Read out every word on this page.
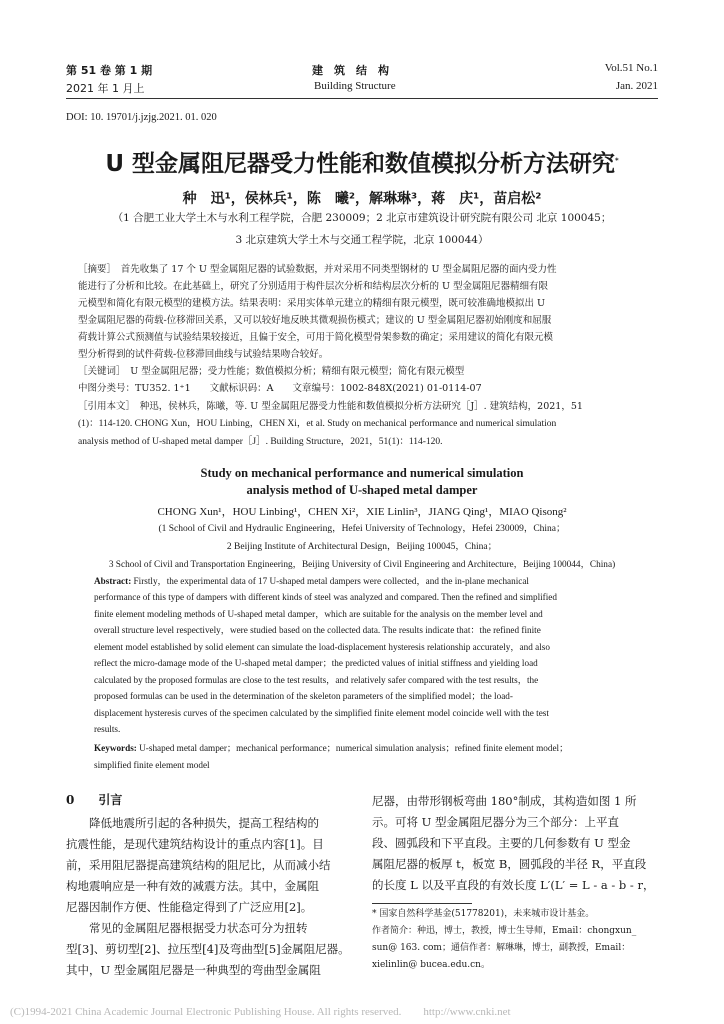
第 51 卷 第 1 期
2021 年 1 月上
建　筑　结　构
Building Structure
Vol.51 No.1
Jan. 2021
DOI: 10. 19701/j.jzjg.2021. 01. 020
U 型金属阻尼器受力性能和数值模拟分析方法研究*
种　迅¹，侯林兵¹，陈　曦²，解琳琳³，蒋　庆¹，苗启松²
（1 合肥工业大学土木与水利工程学院，合肥 230009；2 北京市建筑设计研究院有限公司 北京 100045；
3 北京建筑大学土木与交通工程学院，北京 100044）
［摘要］　首先收集了 17 个 U 型金属阻尼器的试验数据，并对采用不同类型钢材的 U 型金属阻尼器的面内受力性
能进行了分析和比较。在此基础上，研究了分别适用于构件层次分析和结构层次分析的 U 型金属阻尼器精细有限
元模型和简化有限元模型的建模方法。结果表明：采用实体单元建立的精细有限元模型，既可较准确地模拟出 U
型金属阻尼器的荷载-位移滞回关系，又可以较好地反映其微观损伤模式；建议的 U 型金属阻尼器初始刚度和屈服
荷载计算公式预测值与试验结果较接近，且偏于安全，可用于简化模型骨架参数的确定；采用建议的简化有限元模
型分析得到的试件荷载-位移滞回曲线与试验结果吻合较好。
［关键词］　U 型金属阻尼器；受力性能；数值模拟分析；精细有限元模型；简化有限元模型
中图分类号：TU352. 1⁺1　　文献标识码：A　　文章编号：1002-848X(2021) 01-0114-07
［引用本文］　种迅，侯林兵，陈曦，等. U 型金属阻尼器受力性能和数值模拟分析方法研究［J］. 建筑结构，2021，51
(1)：114-120. CHONG Xun，HOU Linbing，CHEN Xi，et al. Study on mechanical performance and numerical simulation
analysis method of U-shaped metal damper［J］. Building Structure，2021，51(1)：114-120.
Study on mechanical performance and numerical simulation
analysis method of U-shaped metal damper
CHONG Xun¹，HOU Linbing¹，CHEN Xi²，XIE Linlin³，JIANG Qing¹，MIAO Qisong²
(1 School of Civil and Hydraulic Engineering，Hefei University of Technology，Hefei 230009，China；
2 Beijing Institute of Architectural Design，Beijing 100045，China；
3 School of Civil and Transportation Engineering，Beijing University of Civil Engineering and Architecture，Beijing 100044，China)
Abstract: Firstly，the experimental data of 17 U-shaped metal dampers were collected，and the in-plane mechanical
performance of this type of dampers with different kinds of steel was analyzed and compared. Then the refined and simplified
finite element modeling methods of U-shaped metal damper，which are suitable for the analysis on the member level and
overall structure level respectively，were studied based on the collected data. The results indicate that：the refined finite
element model established by solid element can simulate the load-displacement hysteresis relationship accurately，and also
reflect the micro-damage mode of the U-shaped metal damper；the predicted values of initial stiffness and yielding load
calculated by the proposed formulas are close to the test results，and relatively safer compared with the test results，the
proposed formulas can be used in the determination of the skeleton parameters of the simplified model；the load-
displacement hysteresis curves of the specimen calculated by the simplified finite element model coincide well with the test
results.
Keywords: U-shaped metal damper；mechanical performance；numerical simulation analysis；refined finite element model；
simplified finite element model
0　　引言
　　降低地震所引起的各种损失，提高工程结构的
抗震性能，是现代建筑结构设计的重点内容[1]。目
前，采用阻尼器提高建筑结构的阻尼比，从而减小结
构地震响应是一种有效的减震方法。其中，金属阻
尼器因制作方便、性能稳定得到了广泛应用[2]。
　　常见的金属阻尼器根据受力状态可分为扭转
型[3]、剪切型[2]、拉压型[4]及弯曲型[5]金属阻尼器。
其中，U 型金属阻尼器是一种典型的弯曲型金属阻
尼器，由带形钢板弯曲 180°制成，其构造如图 1 所
示。可将 U 型金属阻尼器分为三个部分：上平直
段、圆弧段和下平直段。主要的几何参数有 U 型金
属阻尼器的板厚 t，板宽 B，圆弧段的半径 R，平直段
的长度 L 以及平直段的有效长度 L′(L′ = L - a - b - r，
* 国家自然科学基金(51778201)，未来城市设计基金。
作者简介：种迅，博士，教授，博士生导师，Email：chongxun_
sun@ 163. com；通信作者：解琳琳，博士，副教授，Email：
xielinlin@ bucea.edu.cn。
(C)1994-2021 China Academic Journal Electronic Publishing House. All rights reserved.　　http://www.cnki.net
